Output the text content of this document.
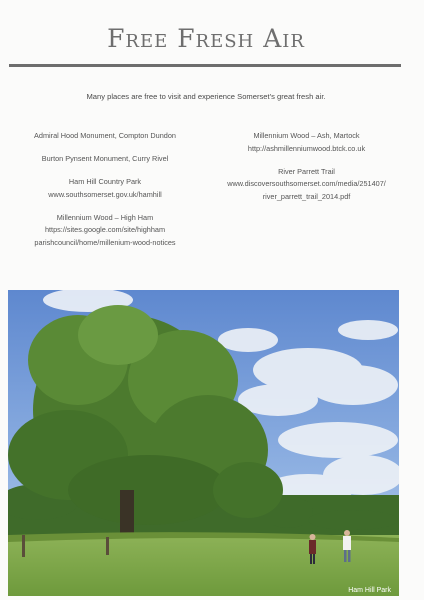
Free Fresh Air
Many places are free to visit and experience Somerset's great fresh air.
Admiral Hood Monument, Compton Dundon
Burton Pynsent Monument, Curry Rivel
Ham Hill Country Park
www.southsomerset.gov.uk/hamhill
Millennium Wood – High Ham
https://sites.google.com/site/highham
parishcouncil/home/millenium-wood-notices
Millennium Wood – Ash, Martock
http://ashmillenniumwood.btck.co.uk
River Parrett Trail
www.discoversouthsomerset.com/media/251407/
river_parrett_trail_2014.pdf
Ham Hill Park
